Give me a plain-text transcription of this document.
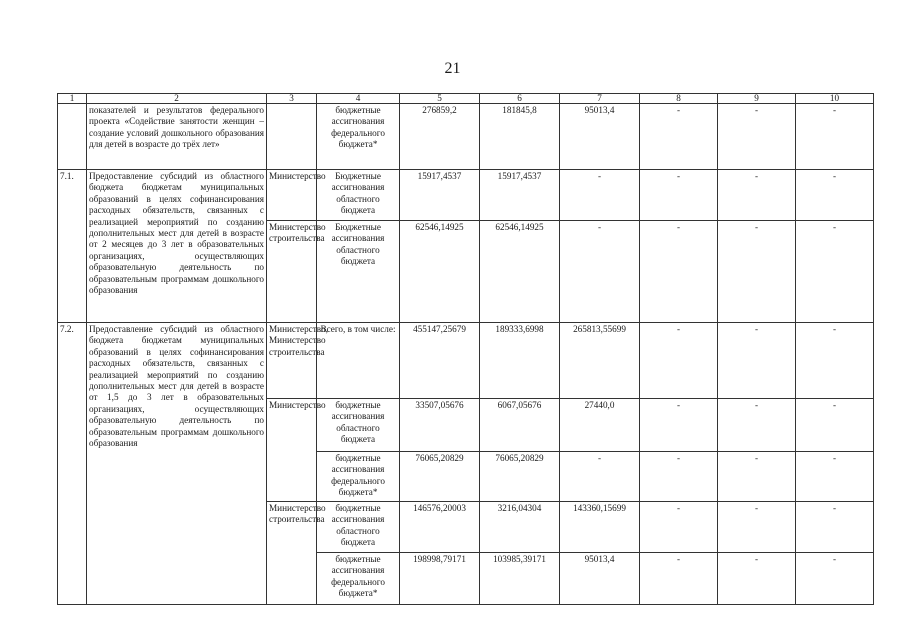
21
1	2	3	4	5	6	7	8	9	10
	показателей и результатов федерального проекта «Содействие занятости женщин – создание условий дошкольного образования для детей в возрасте до трёх лет»		бюджетные ассигнования федерального бюджета*	276859,2	181845,8	95013,4	-	-	-
7.1.	Предоставление субсидий из областного бюджета бюджетам муниципальных образований в целях софинансирования расходных обязательств, связанных с реализацией мероприятий по созданию дополнительных мест для детей в возрасте от 2 месяцев до 3 лет в образовательных организациях, осуществляющих образовательную деятельность по образовательным программам дошкольного образования	Министерство	Бюджетные ассигнования областного бюджета	15917,4537	15917,4537	-	-	-	-
		Министерство строительства	Бюджетные ассигнования областного бюджета	62546,14925	62546,14925	-	-	-	-
7.2.	Предоставление субсидий из областного бюджета бюджетам муниципальных образований в целях софинансирования расходных обязательств, связанных с реализацией мероприятий по созданию дополнительных мест для детей в возрасте от 1,5 до 3 лет в образовательных организациях, осуществляющих образовательную деятельность по образовательным программам дошкольного образования	Министерство, Министерство строительства	Всего, в том числе:	455147,25679	189333,6998	265813,55699	-	-	-
		Министерство	бюджетные ассигнования областного бюджета	33507,05676	6067,05676	27440,0	-	-	-
			бюджетные ассигнования федерального бюджета*	76065,20829	76065,20829	-	-	-	-
		Министерство строительства	бюджетные ассигнования областного бюджета	146576,20003	3216,04304	143360,15699	-	-	-
			бюджетные ассигнования федерального бюджета*	198998,79171	103985,39171	95013,4	-	-	-
